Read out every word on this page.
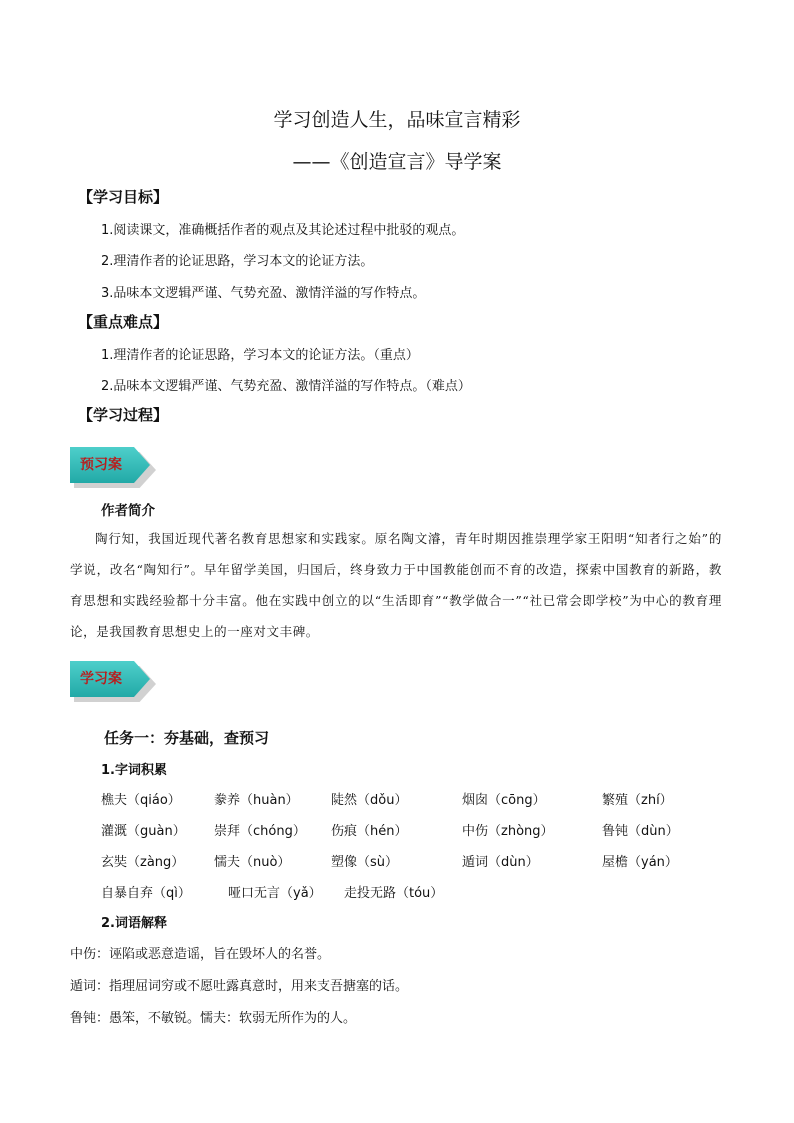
学习创造人生，品味宣言精彩
——《创造宣言》导学案
【学习目标】
1.阅读课文，准确概括作者的观点及其论述过程中批驳的观点。
2.理清作者的论证思路，学习本文的论证方法。
3.品味本文逻辑严谨、气势充盈、激情洋溢的写作特点。
【重点难点】
1.理清作者的论证思路，学习本文的论证方法。（重点）
2.品味本文逻辑严谨、气势充盈、激情洋溢的写作特点。（难点）
【学习过程】
预习案
作者简介
陶行知，我国近现代著名教育思想家和实践家。原名陶文濬，青年时期因推崇理学家王阳明“知者行之始”的学说，改名“陶知行”。早年留学美国，归国后，终身致力于中国教能创而不育的改造，探索中国教育的新路，教育思想和实践经验都十分丰富。他在实践中创立的以“生活即育”“教学做合一”“社已常会即学校”为中心的教育理论，是我国教育思想史上的一座对文丰碑。
学习案
任务一：夯基础，查预习
1.字词积累
樵夫（qiáo）	豢养（huàn） 陡然（dǒu）	烟囱（cōng）	繁殖（zhí）
灌溉（guàn） 崇拜（chóng） 伤痕（hén）	中伤（zhòng）	鲁钝（dùn）
玄奘（zàng） 懦夫（nuò）	塑像（sù）	遁词（dùn）	屋檐（yán）
自暴自弃（qì）	哑口无言（yǎ） 走投无路（tóu）
2.词语解释
中伤：诬陷或恶意造谣，旨在毁坏人的名誉。
遁词：指理屈词穷或不愿吐露真意时，用来支吾搪塞的话。
鲁钝：愚笨，不敏锐。懦夫：软弱无所作为的人。
